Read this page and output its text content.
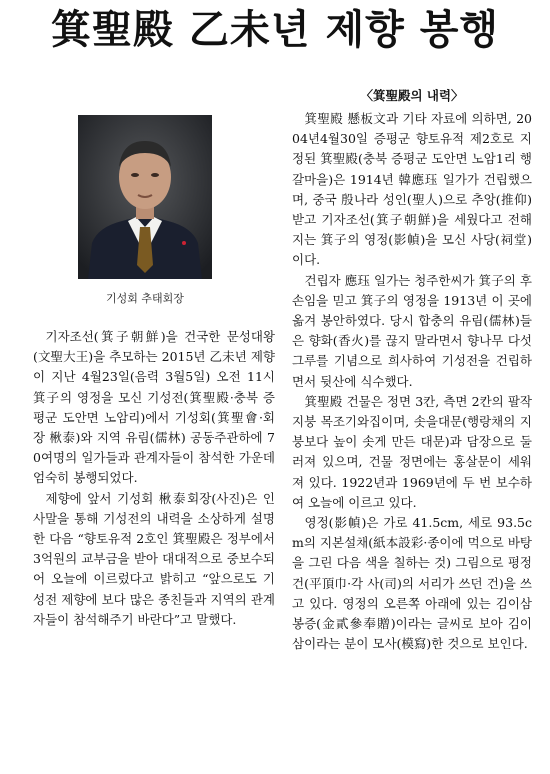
箕聖殿 乙未년 제향 봉행
기성회 추태회장

기자조선(箕子朝鮮)을 건국한 문성대왕(文聖大王)을 추모하는 2015년 乙未년 제향이 지난 4월23일(음력 3월5일) 오전 11시 箕子의 영정을 모신 기성전(箕聖殿·충북 증평군 도안면 노암리)에서 기성회(箕聖會·회장 楸泰)와 지역 유림(儒林) 공동주관하에 70여명의 일가들과 관계자들이 참석한 가운데 엄숙히 봉행되었다.

제향에 앞서 기성회 楸泰회장(사진)은 인사말을 통해 기성전의 내력을 소상하게 설명한 다음 “향토유적 2호인 箕聖殿은 정부에서 3억원의 교부금을 받아 대대적으로 중보수되어 오늘에 이르렀다고 밝히고 “앞으로도 기성전 제향에 보다 많은 종친들과 지역의 관계자들이 참석해주기 바란다”고 말했다.

〈箕聖殿의 내력〉

箕聖殿 懸板文과 기타 자료에 의하면, 2004년4월30일 증평군 향토유적 제2호로 지정된 箕聖殿(충북 증평군 도안면 노암1리 행갈마을)은 1914년 韓應珏 일가가 건립했으며, 중국 殷나라 성인(聖人)으로 추앙(推仰)받고 기자조선(箕子朝鮮)을 세웠다고 전해지는 箕子의 영정(影幀)을 모신 사당(祠堂)이다.

건립자 應珏 일가는 청주한씨가 箕子의 후손임을 믿고 箕子의 영정을 1913년 이 곳에 옮겨 봉안하였다. 당시 합충의 유림(儒林)들은 향화(香火)를 끊지 말라면서 향나무 다섯그루를 기념으로 희사하여 기성전을 건립하면서 뒷산에 식수했다.

箕聖殿 건물은 정면 3칸, 측면 2칸의 팔작지붕 목조기와집이며, 솟을대문(행랑채의 지붕보다 높이 솟게 만든 대문)과 담장으로 둘러져 있으며, 건물 정면에는 홍살문이 세워져 있다. 1922년과 1969년에 두 번 보수하여 오늘에 이르고 있다.

영정(影幀)은 가로 41.5cm, 세로 93.5cm의 지본설채(紙本設彩·종이에 먹으로 바탕을 그린 다음 색을 칠하는 것) 그림으로 평정건(平頂巾·각 사(司)의 서리가 쓰던 건)을 쓰고 있다. 영정의 오른쪽 아래에 있는 김이삼봉증(金貳參奉贈)이라는 글씨로 보아 김이삼이라는 분이 모사(模寫)한 것으로 보인다.
